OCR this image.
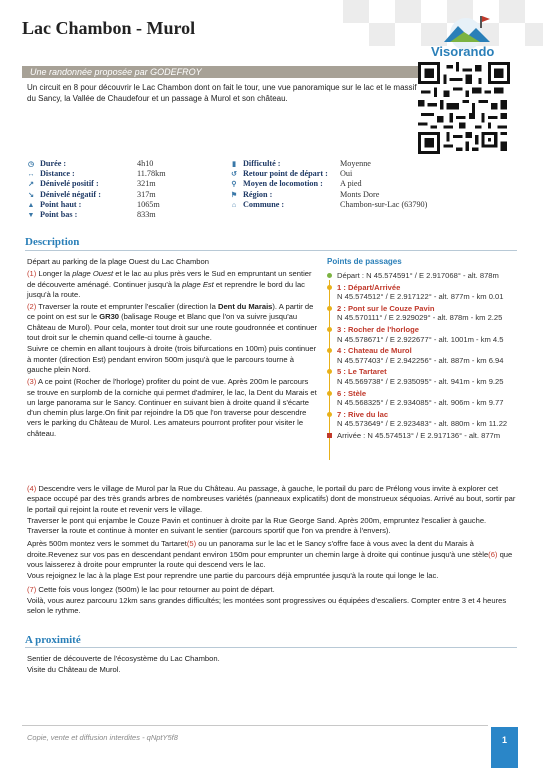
Lac Chambon - Murol
Visorando
Une randonnée proposée par GODEFROY
Un circuit en 8 pour découvrir le Lac Chambon dont on fait le tour, une vue panoramique sur le lac et le massif du Sancy, la Vallée de Chaudefour et un passage à Murol et son château.
◷ Durée :	4h10
↔ Distance :	11.78km
↗ Dénivelé positif :	321m
↘ Dénivelé négatif :	317m
▲ Point haut :	1065m
▼ Point bas :	833m
▮ Difficulté :	Moyenne
↺ Retour point de départ : Oui
⚲ Moyen de locomotion : A pied
⚑ Région :	Monts Dore
⌂ Commune :	Chambon-sur-Lac (63790)
Description

Départ au parking de la plage Ouest du Lac Chambon

(1) Longer la plage Ouest et le lac au plus près vers le Sud en empruntant un sentier de découverte aménagé. Continuer jusqu'à la plage Est et reprendre le bord du lac jusqu'à la route.

(2) Traverser la route et emprunter l'escalier (direction la Dent du Marais). A partir de ce point on est sur le GR30 (balisage Rouge et Blanc que l'on va suivre jusqu'au Château de Murol). Pour cela, monter tout droit sur une route goudronnée et continuer tout droit sur le chemin quand celle-ci tourne à gauche.

Suivre ce chemin en allant toujours à droite (trois bifurcations en 100m) puis continuer à monter (direction Est) pendant environ 500m jusqu'à que le parcours tourne à gauche plein Nord.

(3) A ce point (Rocher de l'horloge) profiter du point de vue. Après 200m le parcours se trouve en surplomb de la corniche qui permet d'admirer, le lac, la Dent du Marais et un large panorama sur le Sancy. Continuer en suivant bien à droite quand il s'écarte d'un chemin plus large.On finit par rejoindre la D5 que l'on traverse pour descendre vers le parking du Château de Murol. Les amateurs pourront profiter pour visiter le château.

Points de passages
Départ : N 45.574591° / E 2.917068° - alt. 878m
1 : Départ/Arrivée
N 45.574512° / E 2.917122° - alt. 877m - km 0.01
2 : Pont sur le Couze Pavin
N 45.570111° / E 2.929029° - alt. 878m - km 2.25
3 : Rocher de l'horloge
N 45.578671° / E 2.922677° - alt. 1001m - km 4.5
4 : Chateau de Murol
N 45.577403° / E 2.942256° - alt. 887m - km 6.94
5 : Le Tartaret
N 45.569738° / E 2.935095° - alt. 941m - km 9.25
6 : Stèle
N 45.568325° / E 2.934085° - alt. 906m - km 9.77
7 : Rive du lac
N 45.573649° / E 2.923483° - alt. 880m - km 11.22
Arrivée : N 45.574513° / E 2.917136° - alt. 877m

(4) Descendre vers le village de Murol par la Rue du Château. Au passage, à gauche, le portail du parc de Prélong vous invite à explorer cet espace occupé par des très grands arbres de nombreuses variétés (panneaux explicatifs) dont de monstrueux séquoias. Arrivé au bout, sortir par le portail qui rejoint la route et revenir vers le village.

Traverser le pont qui enjambe le Couze Pavin et continuer à droite par la Rue George Sand. Après 200m, empruntez l'escalier à gauche. Traverser la route et continue à monter en suivant le sentier (parcours sportif que l'on va prendre à l'envers).

Après 500m montez vers le sommet du Tartaret(5) ou un panorama sur le lac et le Sancy s'offre face à vous avec la dent du Marais à droite.Revenez sur vos pas en descendant pendant environ 150m pour emprunter un chemin large à droite qui continue jusqu'à une stèle(6) que vous laisserez à droite pour emprunter la route qui descend vers le lac.

Vous rejoignez le lac à la plage Est pour reprendre une partie du parcours déjà empruntée jusqu'à la route qui longe le lac.

(7) Cette fois vous longez (500m) le lac pour retourner au point de départ.

Voilà, vous aurez parcouru 12km sans grandes difficultés; les montées sont progressives ou équipées d'escaliers. Compter entre 3 et 4 heures selon le rythme.

A proximité

Sentier de découverte de l'écosystème du Lac Chambon.

Visite du Château de Murol.

Copie, vente et diffusion interdites - qNptY5f8	1
